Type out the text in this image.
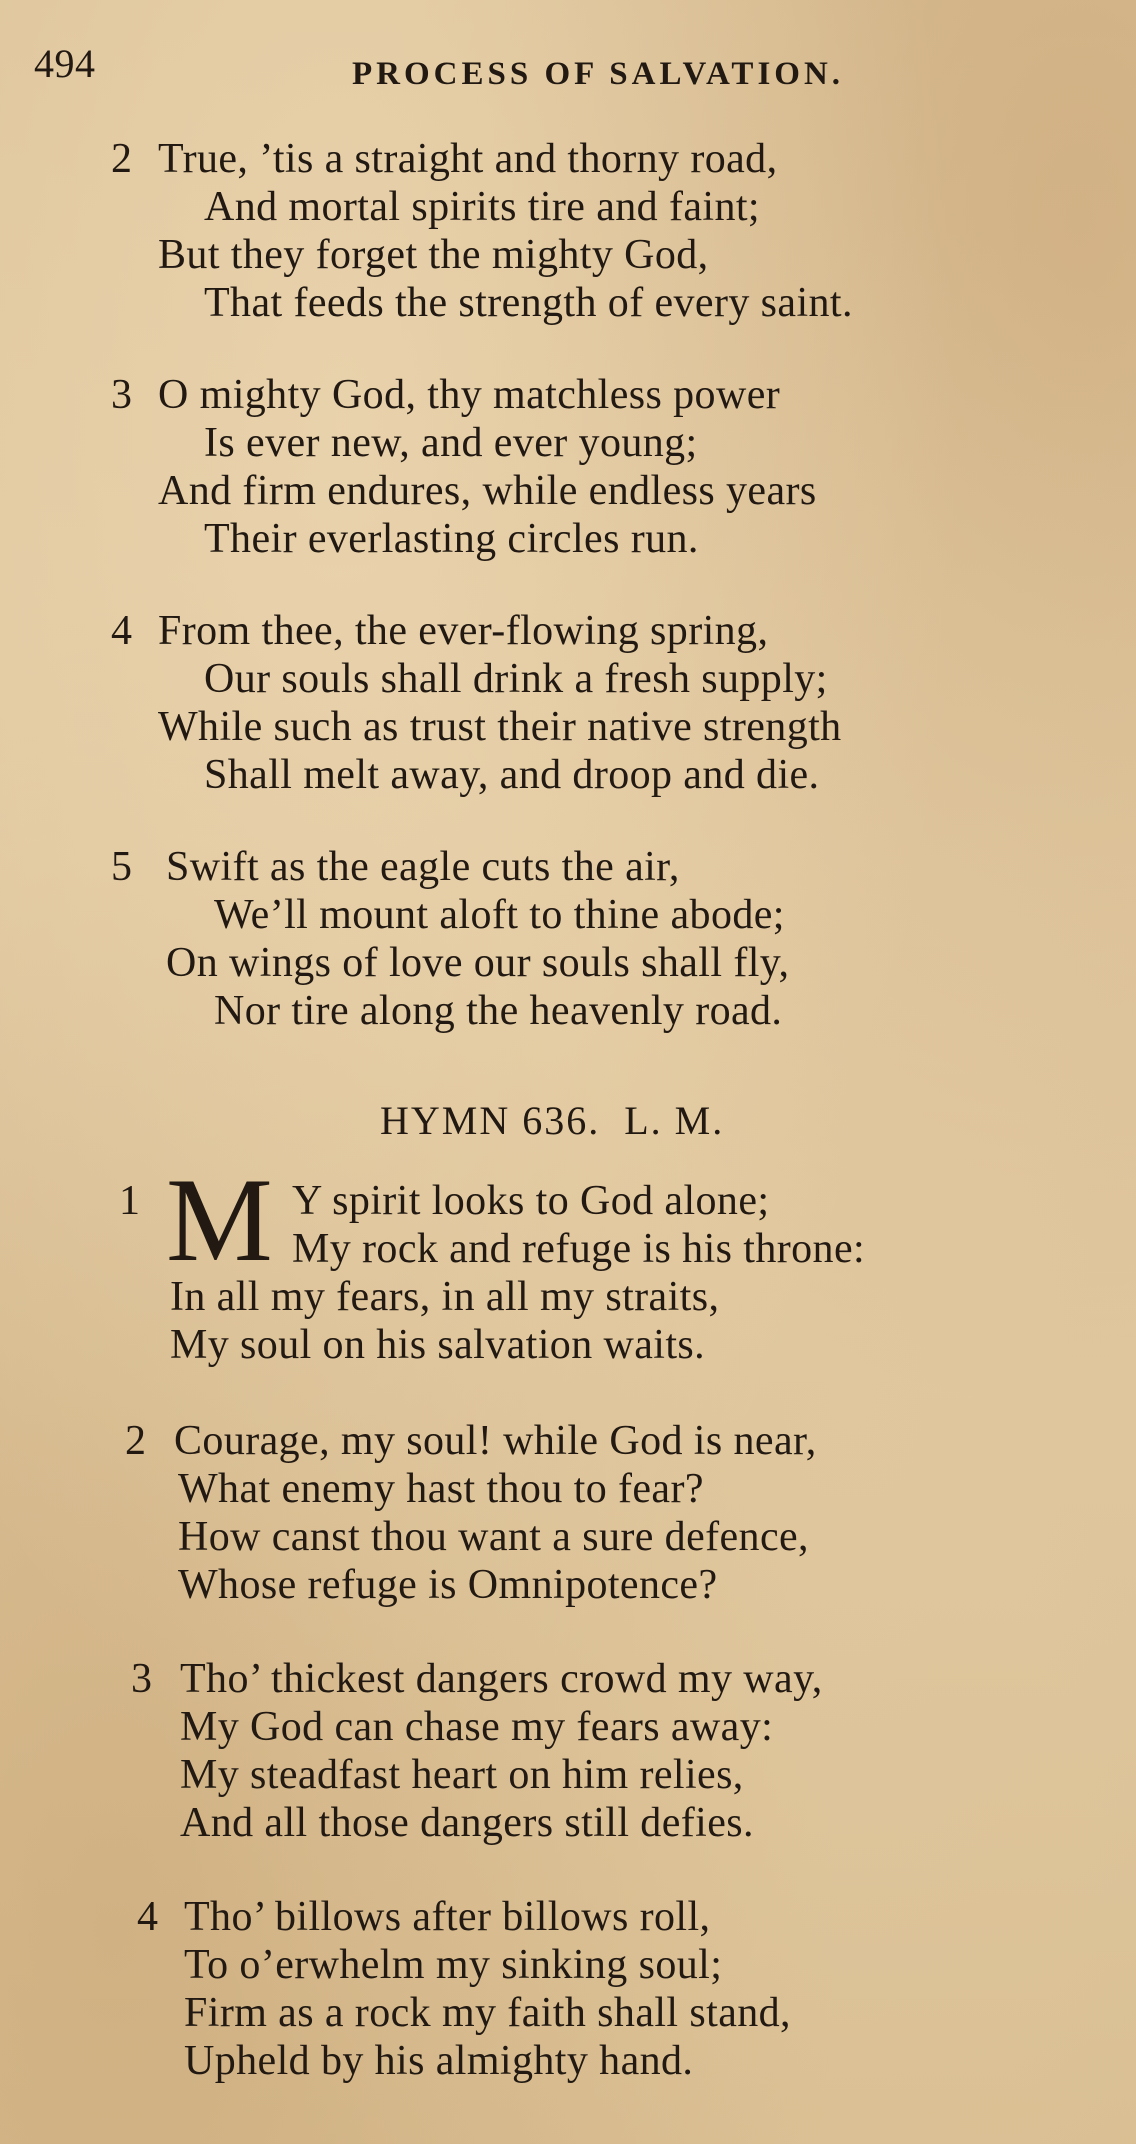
494	PROCESS OF SALVATION.
2 True, ’tis a straight and thorny road,
And mortal spirits tire and faint;
But they forget the mighty God,
That feeds the strength of every saint.
3 O mighty God, thy matchless power
Is ever new, and ever young;
And firm endures, while endless years
Their everlasting circles run.
4 From thee, the ever-flowing spring,
Our souls shall drink a fresh supply;
While such as trust their native strength
Shall melt away, and droop and die.
5 Swift as the eagle cuts the air,
We’ll mount aloft to thine abode;
On wings of love our souls shall fly,
Nor tire along the heavenly road.
HYMN 636. L. M.
1 M Y spirit looks to God alone;
My rock and refuge is his throne:
In all my fears, in all my straits,
My soul on his salvation waits.
2 Courage, my soul! while God is near,
What enemy hast thou to fear?
How canst thou want a sure defence,
Whose refuge is Omnipotence?
3 Tho’ thickest dangers crowd my way,
My God can chase my fears away:
My steadfast heart on him relies,
And all those dangers still defies.
4 Tho’ billows after billows roll,
To o’erwhelm my sinking soul;
Firm as a rock my faith shall stand,
Upheld by his almighty hand.
